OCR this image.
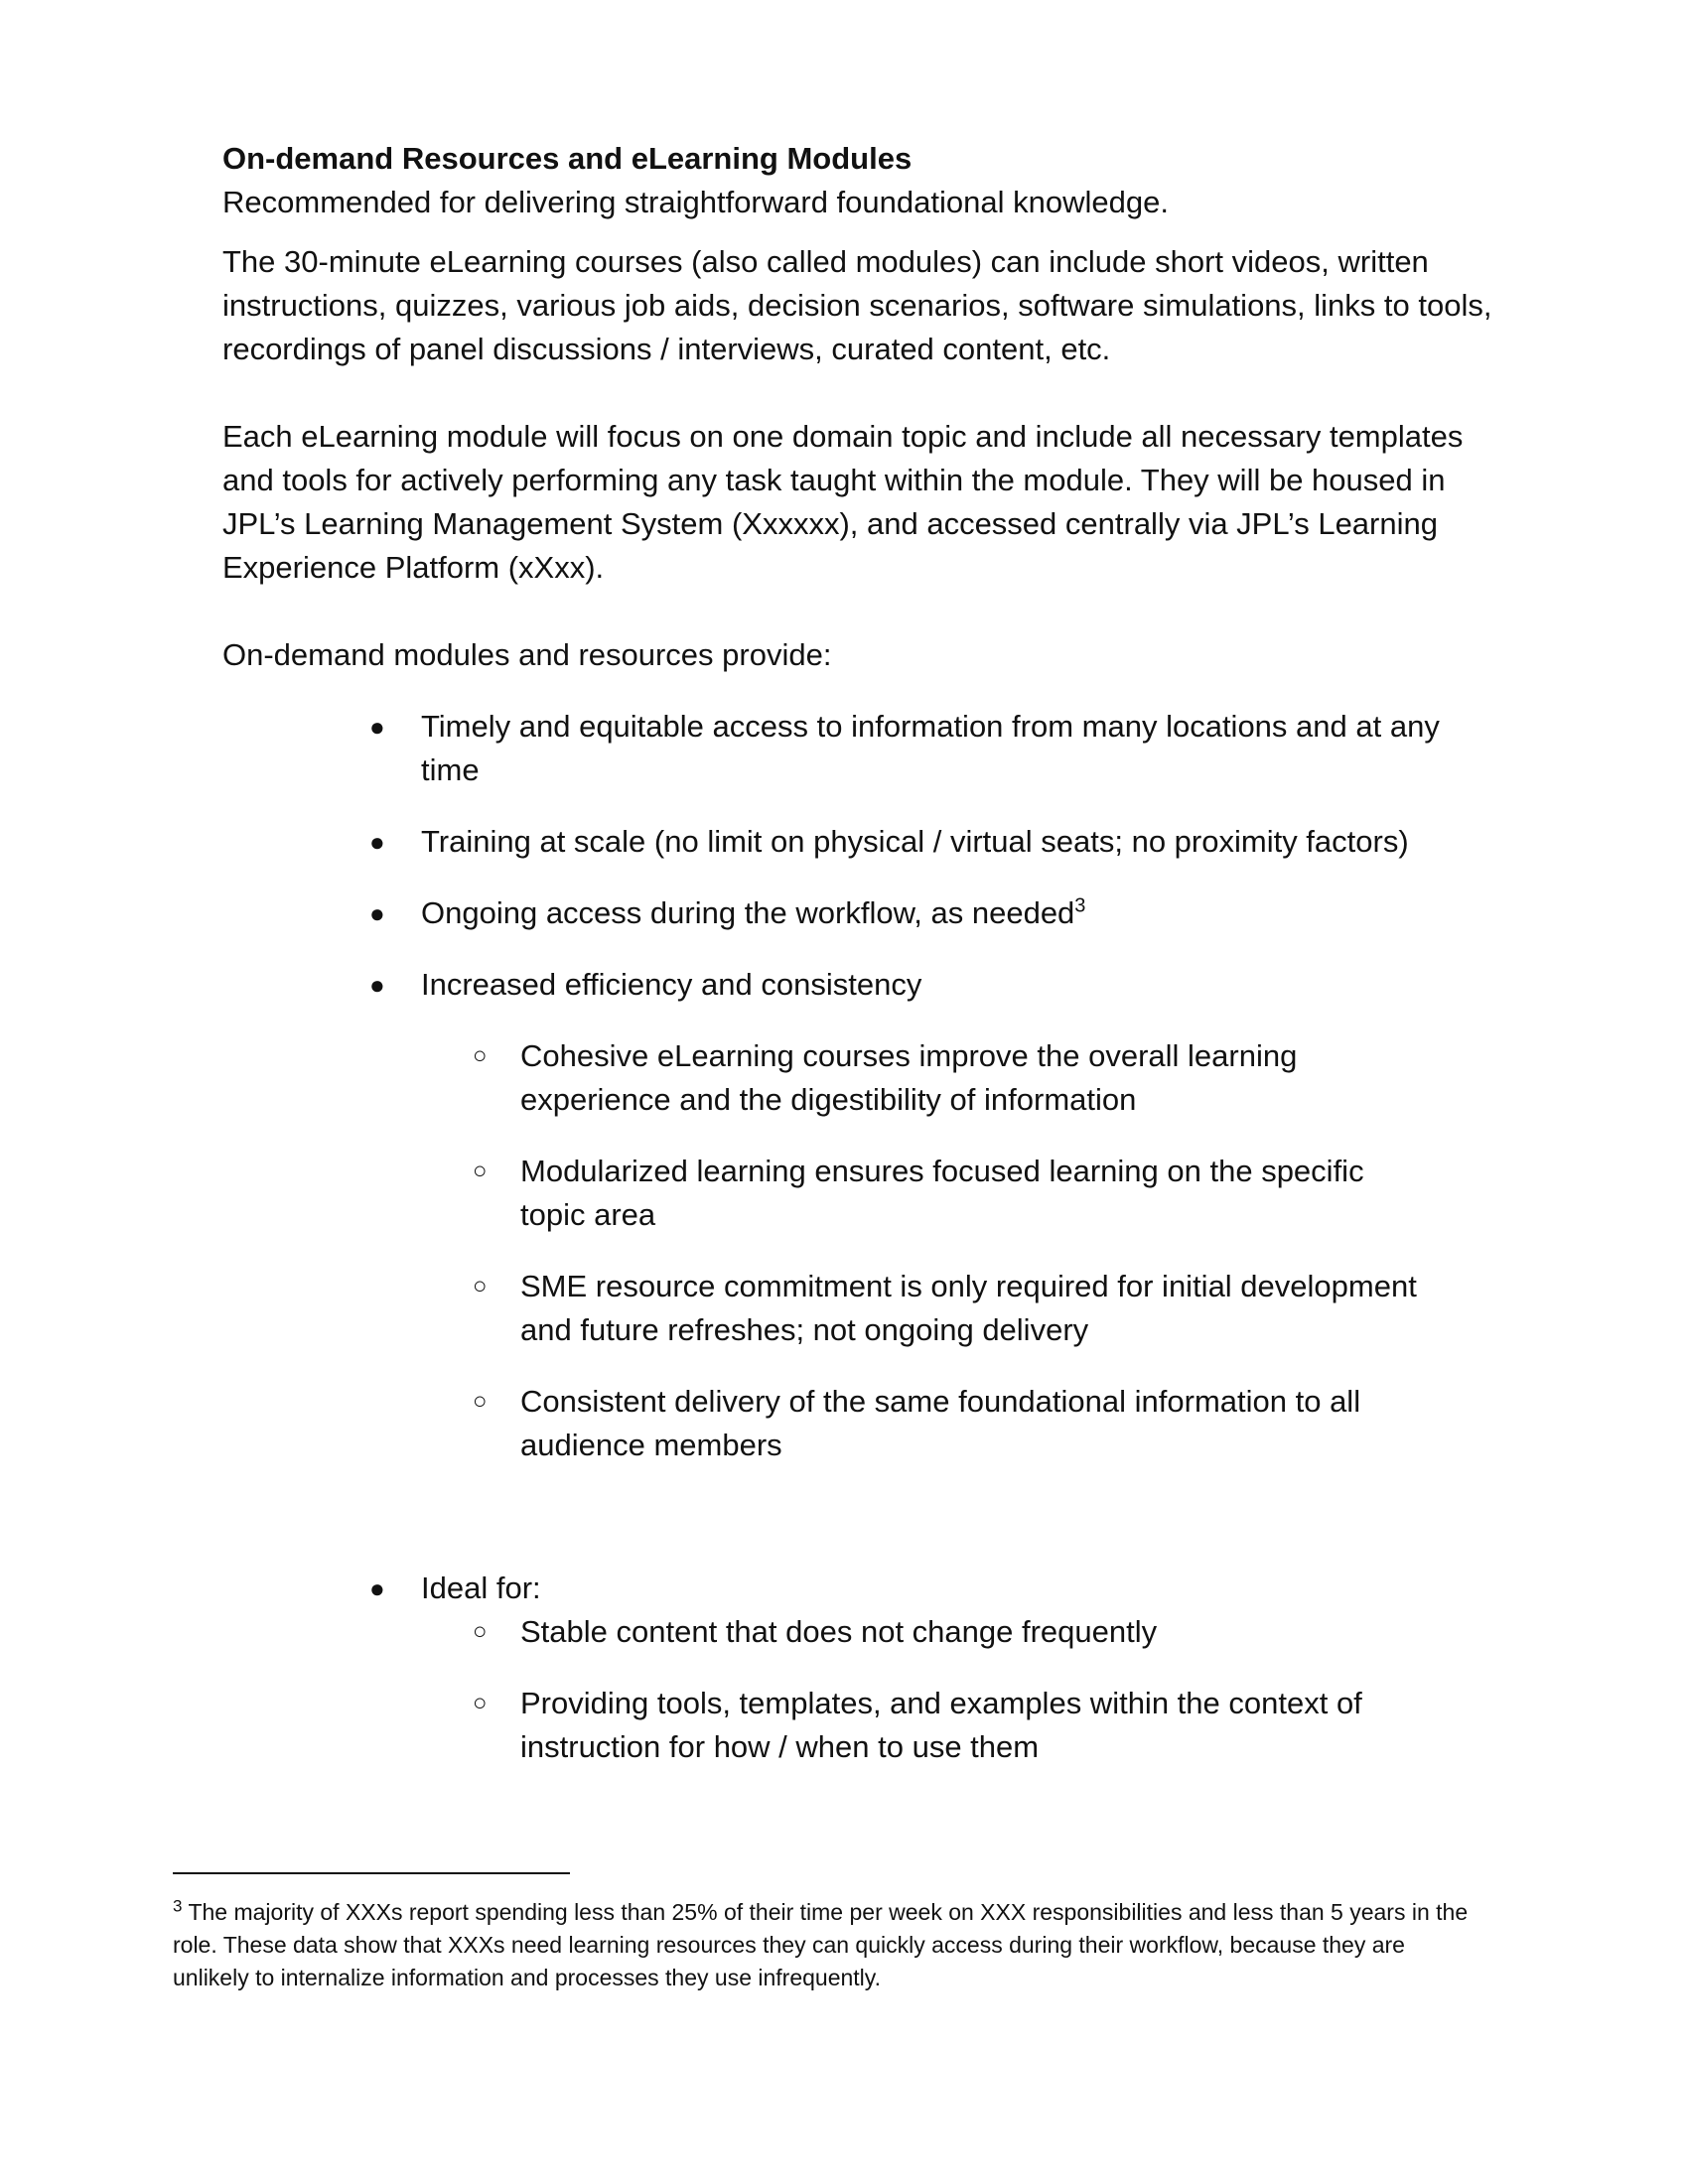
On-demand Resources and eLearning Modules

Recommended for delivering straightforward foundational knowledge.

The 30-minute eLearning courses (also called modules) can include short videos, written instructions, quizzes, various job aids, decision scenarios, software simulations, links to tools, recordings of panel discussions / interviews, curated content, etc.

Each eLearning module will focus on one domain topic and include all necessary templates and tools for actively performing any task taught within the module. They will be housed in JPL’s Learning Management System (Xxxxxx), and accessed centrally via JPL’s Learning Experience Platform (xXxx).

On-demand modules and resources provide:

● Timely and equitable access to information from many locations and at any time
● Training at scale (no limit on physical / virtual seats; no proximity factors)
● Ongoing access during the workflow, as needed$^3$
● Increased efficiency and consistency
○ Cohesive eLearning courses improve the overall learning experience and the digestibility of information
○ Modularized learning ensures focused learning on the specific topic area
○ SME resource commitment is only required for initial development and future refreshes; not ongoing delivery
○ Consistent delivery of the same foundational information to all audience members
● Ideal for:
○ Stable content that does not change frequently
○ Providing tools, templates, and examples within the context of instruction for how / when to use them
$^3$ The majority of XXXs report spending less than 25% of their time per week on XXX responsibilities and less than 5 years in the role. These data show that XXXs need learning resources they can quickly access during their workflow, because they are unlikely to internalize information and processes they use infrequently.
